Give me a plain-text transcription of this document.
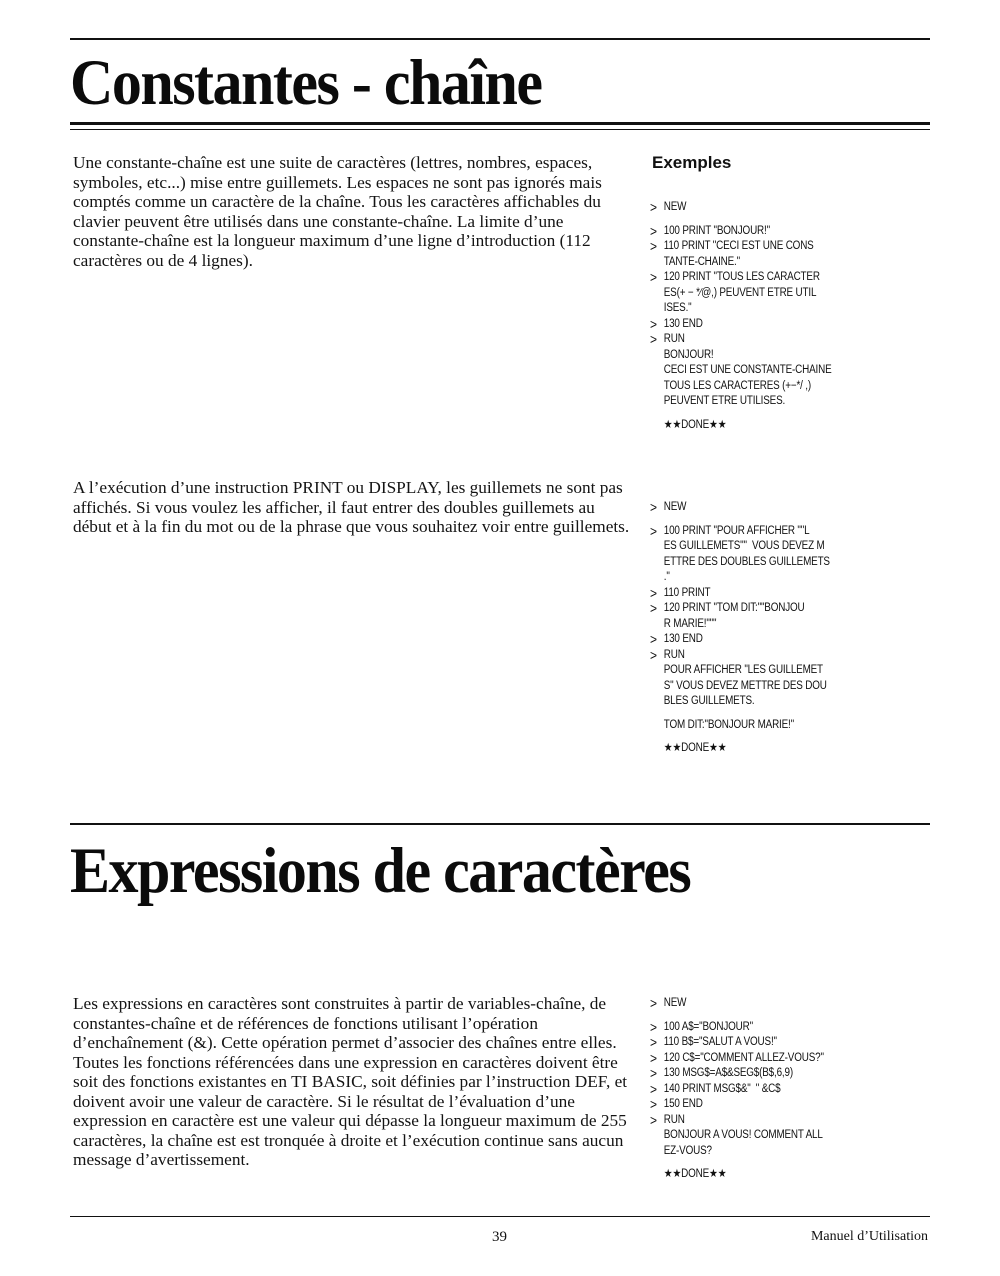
Constantes - chaîne

Une constante-chaîne est une suite de caractères (lettres, nombres, espaces, symboles, etc...) mise entre guillemets. Les espaces ne sont pas ignorés mais comptés comme un caractère de la chaîne. Tous les caractères affichables du clavier peuvent être utilisés dans une constante-chaîne. La limite d’une constante-chaîne est la longueur maximum d’une ligne d’introduction (112 caractères ou de 4 lignes).

Exemples
> NEW
> 100 PRINT "BONJOUR!"
> 110 PRINT "CECI EST UNE CONS
TANTE-CHAINE."
> 120 PRINT "TOUS LES CARACTER
ES(+ − *∕@,) PEUVENT ETRE UTIL
ISES."
> 130 END
> RUN
BONJOUR!
CECI EST UNE CONSTANTE-CHAINE
TOUS LES CARACTERES (+−*/ ,)
PEUVENT ETRE UTILISES.
★★DONE★★

A l’exécution d’une instruction PRINT ou DISPLAY, les guillemets ne sont pas affichés. Si vous voulez les afficher, il faut entrer des doubles guillemets au début et à la fin du mot ou de la phrase que vous souhaitez voir entre guillemets.

> NEW
> 100 PRINT "POUR AFFICHER ""L
ES GUILLEMETS""  VOUS DEVEZ M
ETTRE DES DOUBLES GUILLEMETS
."
> 110 PRINT
> 120 PRINT "TOM DIT:""BONJOU
R MARIE!"""
> 130 END
> RUN
POUR AFFICHER "LES GUILLEMET
S" VOUS DEVEZ METTRE DES DOU
BLES GUILLEMETS.
TOM DIT:"BONJOUR MARIE!"
★★DONE★★
Expressions de caractères

Les expressions en caractères sont construites à partir de variables-chaîne, de constantes-chaîne et de références de fonctions utilisant l’opération d’enchaînement (&). Cette opération permet d’associer des chaînes entre elles. Toutes les fonctions référencées dans une expression en caractères doivent être soit des fonctions existantes en TI BASIC, soit définies par l’instruction DEF, et doivent avoir une valeur de caractère. Si le résultat de l’évaluation d’une expression en caractère est une valeur qui dépasse la longueur maximum de 255 caractères, la chaîne est est tronquée à droite et l’exécution continue sans aucun message d’avertissement.

> NEW
> 100 A$="BONJOUR"
> 110 B$="SALUT A VOUS!"
> 120 C$="COMMENT ALLEZ-VOUS?"
> 130 MSG$=A$&SEG$(B$,6,9)
> 140 PRINT MSG$&"  " &C$
> 150 END
> RUN
BONJOUR A VOUS! COMMENT ALL
EZ-VOUS?
★★DONE★★

39	Manuel d’Utilisation
